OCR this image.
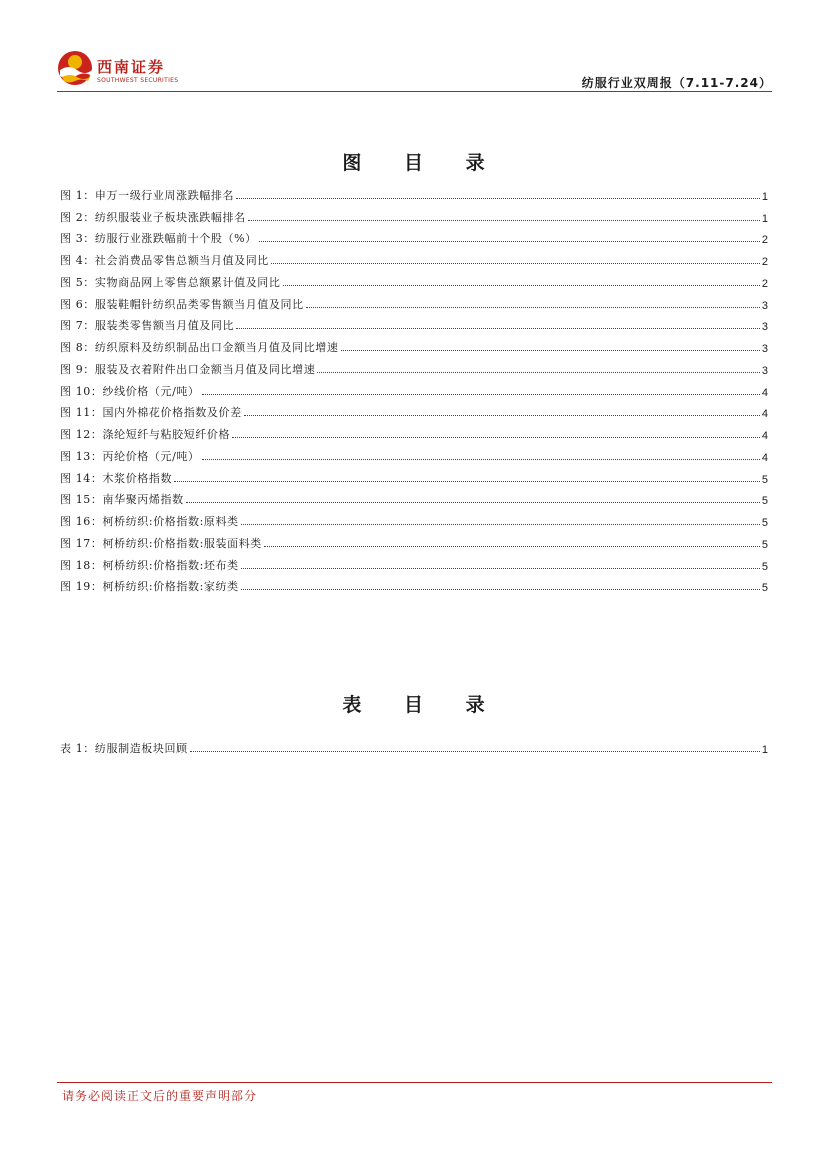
西南证券
SOUTHWEST SECURITIES	纺服行业双周报（7.11-7.24）
图 目 录
图 1：申万一级行业周涨跌幅排名	1
图 2：纺织服装业子板块涨跌幅排名	1
图 3：纺服行业涨跌幅前十个股（%）	2
图 4：社会消费品零售总额当月值及同比	2
图 5：实物商品网上零售总额累计值及同比	2
图 6：服装鞋帽针纺织品类零售额当月值及同比	3
图 7：服装类零售额当月值及同比	3
图 8：纺织原料及纺织制品出口金额当月值及同比增速	3
图 9：服装及衣着附件出口金额当月值及同比增速	3
图 10：纱线价格（元/吨）	4
图 11：国内外棉花价格指数及价差	4
图 12：涤纶短纤与粘胶短纤价格	4
图 13：丙纶价格（元/吨）	4
图 14：木浆价格指数	5
图 15：南华聚丙烯指数	5
图 16：柯桥纺织:价格指数:原料类	5
图 17：柯桥纺织:价格指数:服装面料类	5
图 18：柯桥纺织:价格指数:坯布类	5
图 19：柯桥纺织:价格指数:家纺类	5
表 目 录
表 1：纺服制造板块回顾	1
请务必阅读正文后的重要声明部分
